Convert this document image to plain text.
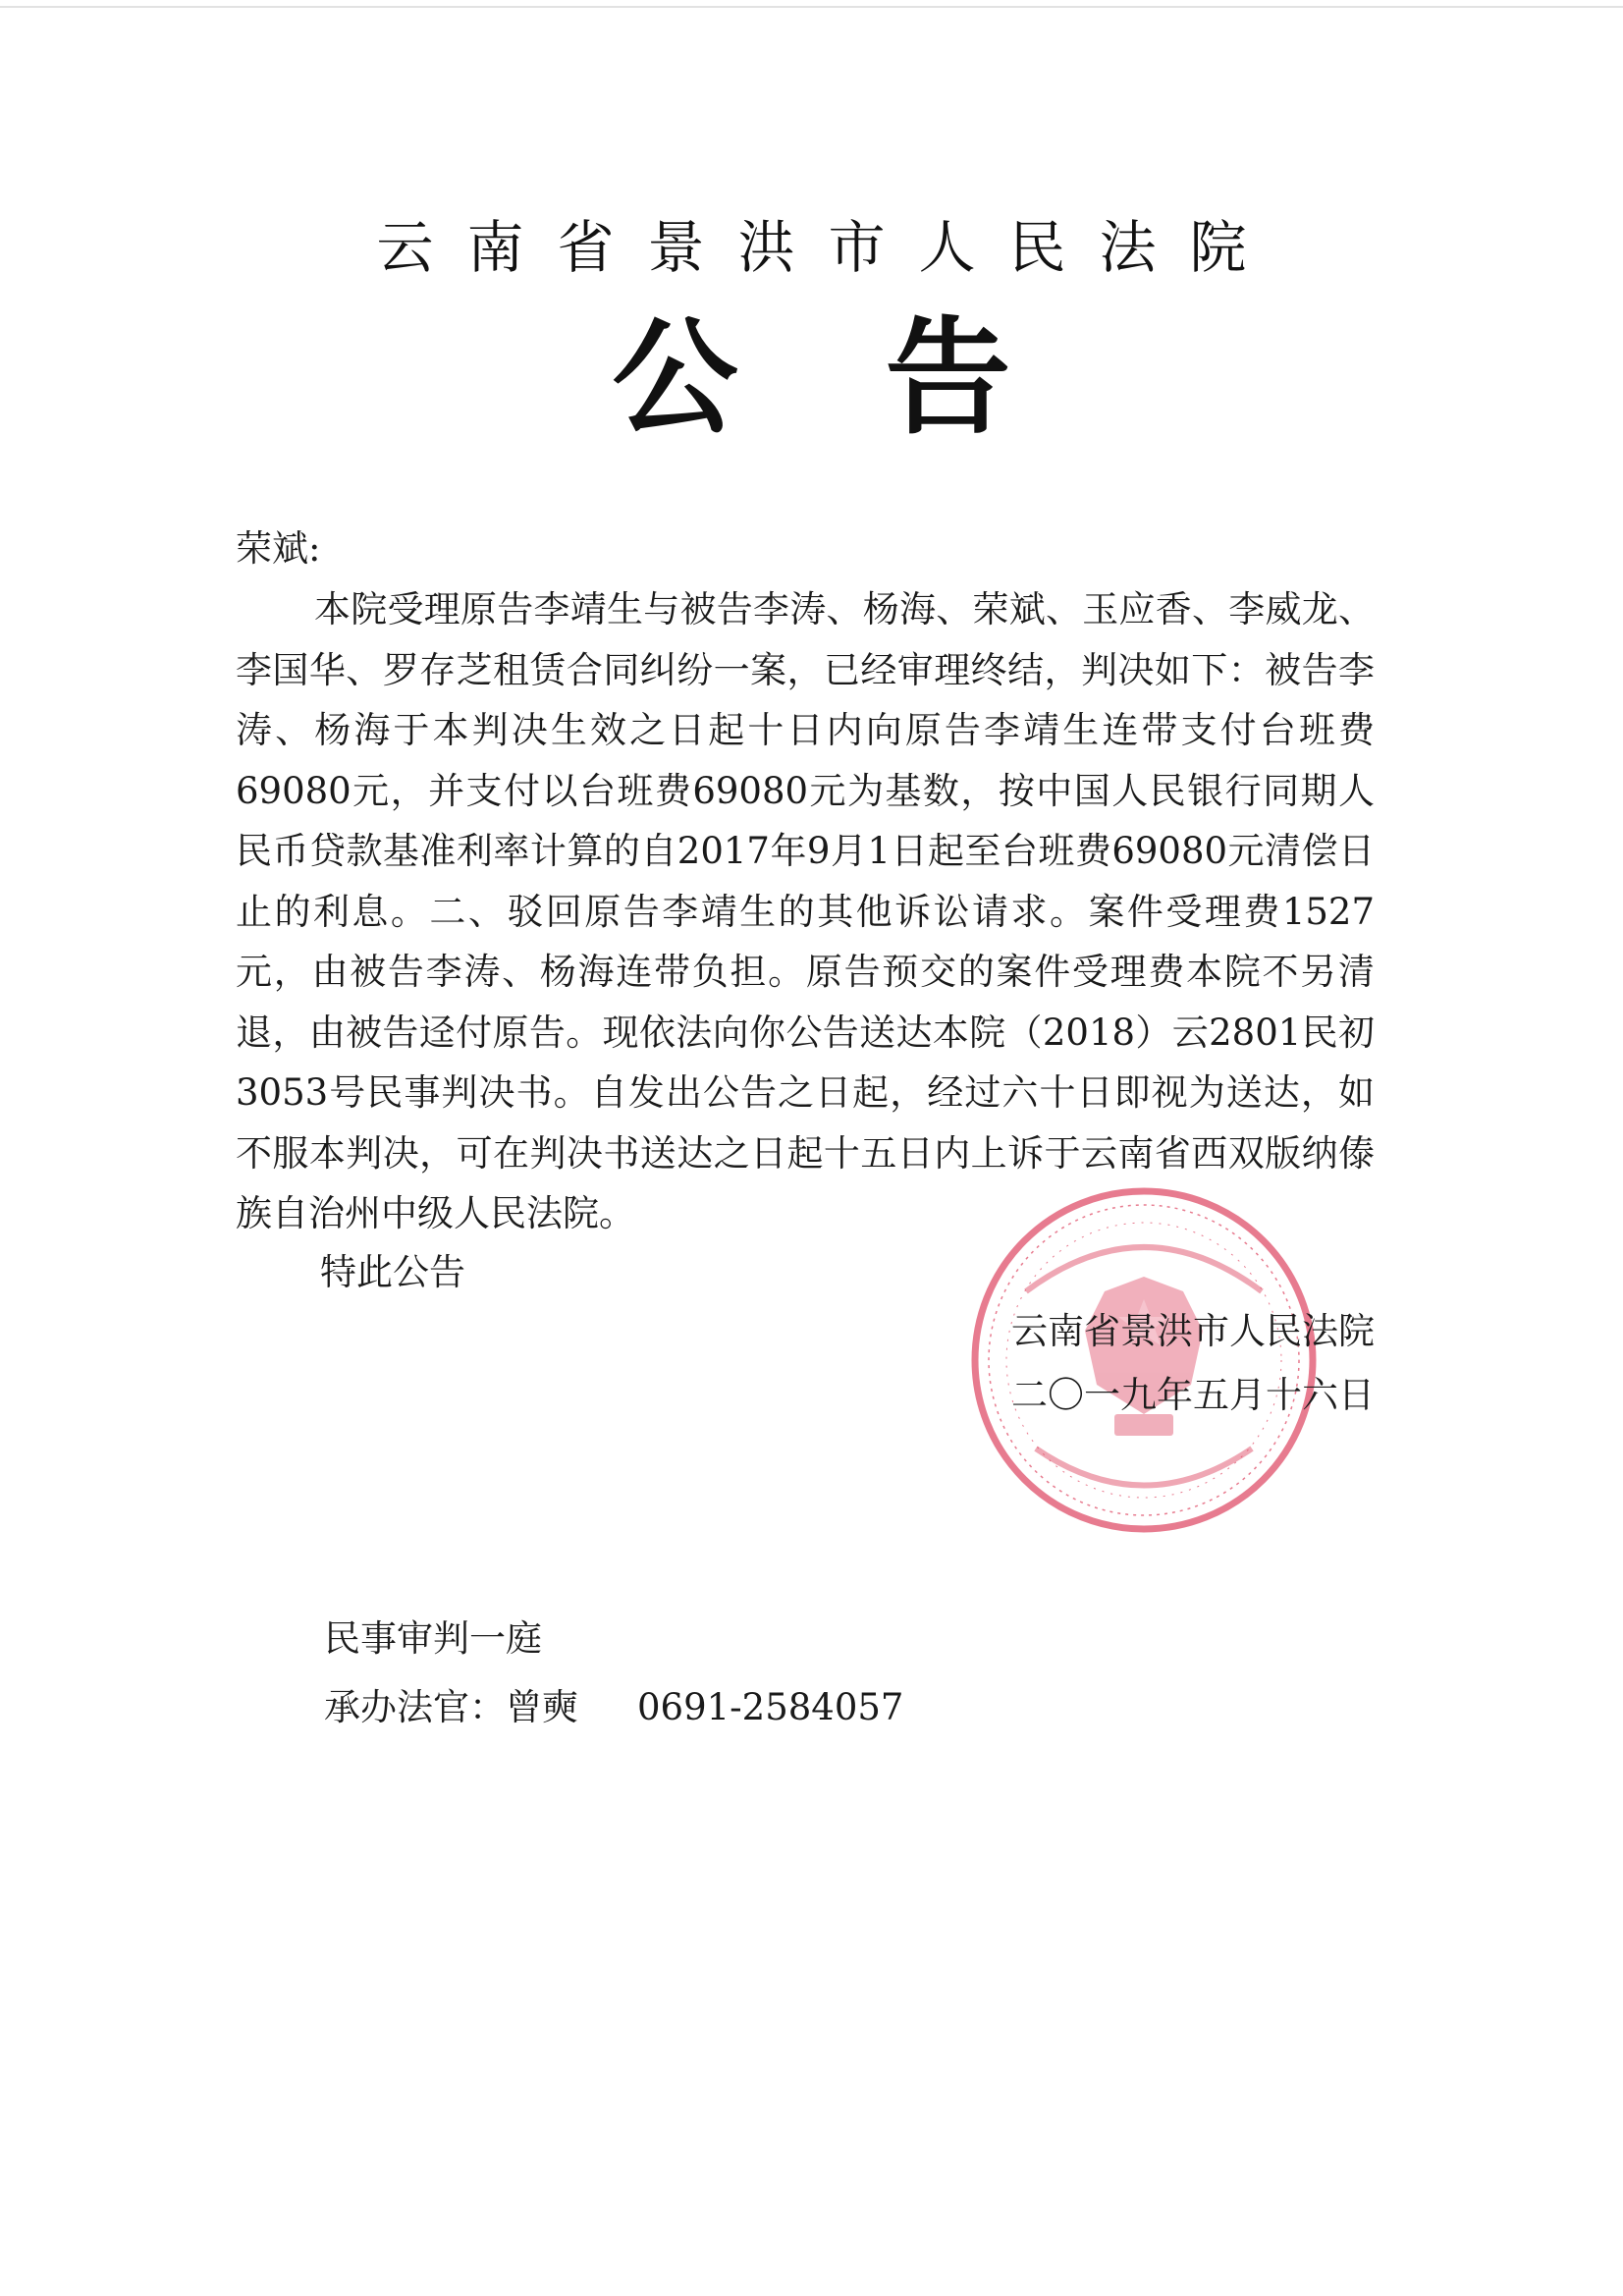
云南省景洪市人民法院
公告
荣斌:

本院受理原告李靖生与被告李涛、杨海、荣斌、玉应香、李威龙、李国华、罗存芝租赁合同纠纷一案，已经审理终结，判决如下：被告李涛、杨海于本判决生效之日起十日内向原告李靖生连带支付台班费69080元，并支付以台班费69080元为基数，按中国人民银行同期人民币贷款基准利率计算的自2017年9月1日起至台班费69080元清偿日止的利息。二、驳回原告李靖生的其他诉讼请求。案件受理费1527元，由被告李涛、杨海连带负担。原告预交的案件受理费本院不另清退，由被告迳付原告。现依法向你公告送达本院（2018）云2801民初3053号民事判决书。自发出公告之日起，经过六十日即视为送达，如不服本判决，可在判决书送达之日起十五日内上诉于云南省西双版纳傣族自治州中级人民法院。

特此公告
云南省景洪市人民法院
二〇一九年五月十六日
民事审判一庭
承办法官：曾奭 0691-2584057
